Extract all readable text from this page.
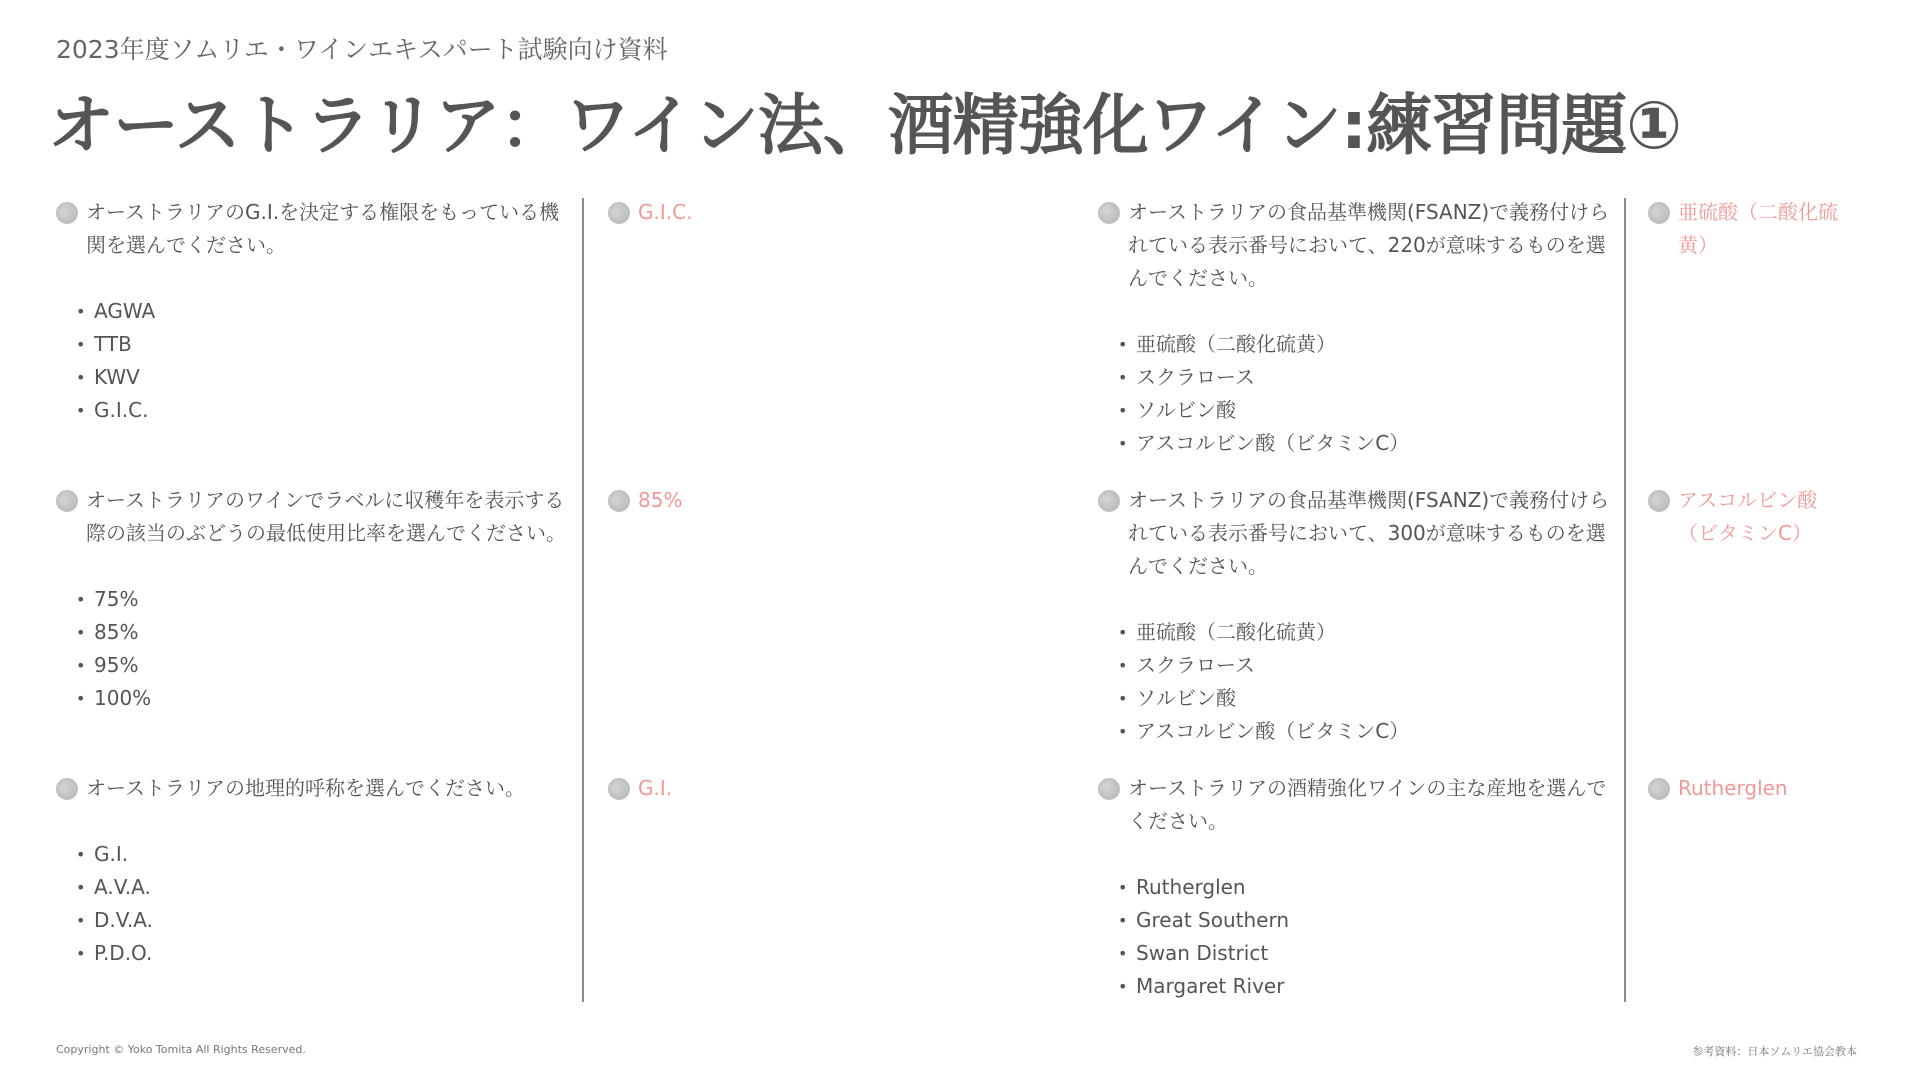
2023年度ソムリエ・ワインエキスパート試験向け資料
オーストラリア：ワイン法、酒精強化ワイン:練習問題①
オーストラリアのG.I.を決定する権限をもっている機関を選んでください。
• AGWA
• TTB
• KWV
• G.I.C.
G.I.C.
オーストラリアのワインでラベルに収穫年を表示する際の該当のぶどうの最低使用比率を選んでください。
• 75%
• 85%
• 95%
• 100%
85%
オーストラリアの地理的呼称を選んでください。
• G.I.
• A.V.A.
• D.V.A.
• P.D.O.
G.I.
オーストラリアの食品基準機関(FSANZ)で義務付けられている表示番号において、220が意味するものを選んでください。
• 亜硫酸（二酸化硫黄）
• スクラロース
• ソルビン酸
• アスコルビン酸（ビタミンC）
亜硫酸（二酸化硫黄）
オーストラリアの食品基準機関(FSANZ)で義務付けられている表示番号において、300が意味するものを選んでください。
• 亜硫酸（二酸化硫黄）
• スクラロース
• ソルビン酸
• アスコルビン酸（ビタミンC）
アスコルビン酸（ビタミンC）
オーストラリアの酒精強化ワインの主な産地を選んでください。
• Rutherglen
• Great Southern
• Swan District
• Margaret River
Rutherglen
Copyright © Yoko Tomita All Rights Reserved.	参考資料：日本ソムリエ協会教本
